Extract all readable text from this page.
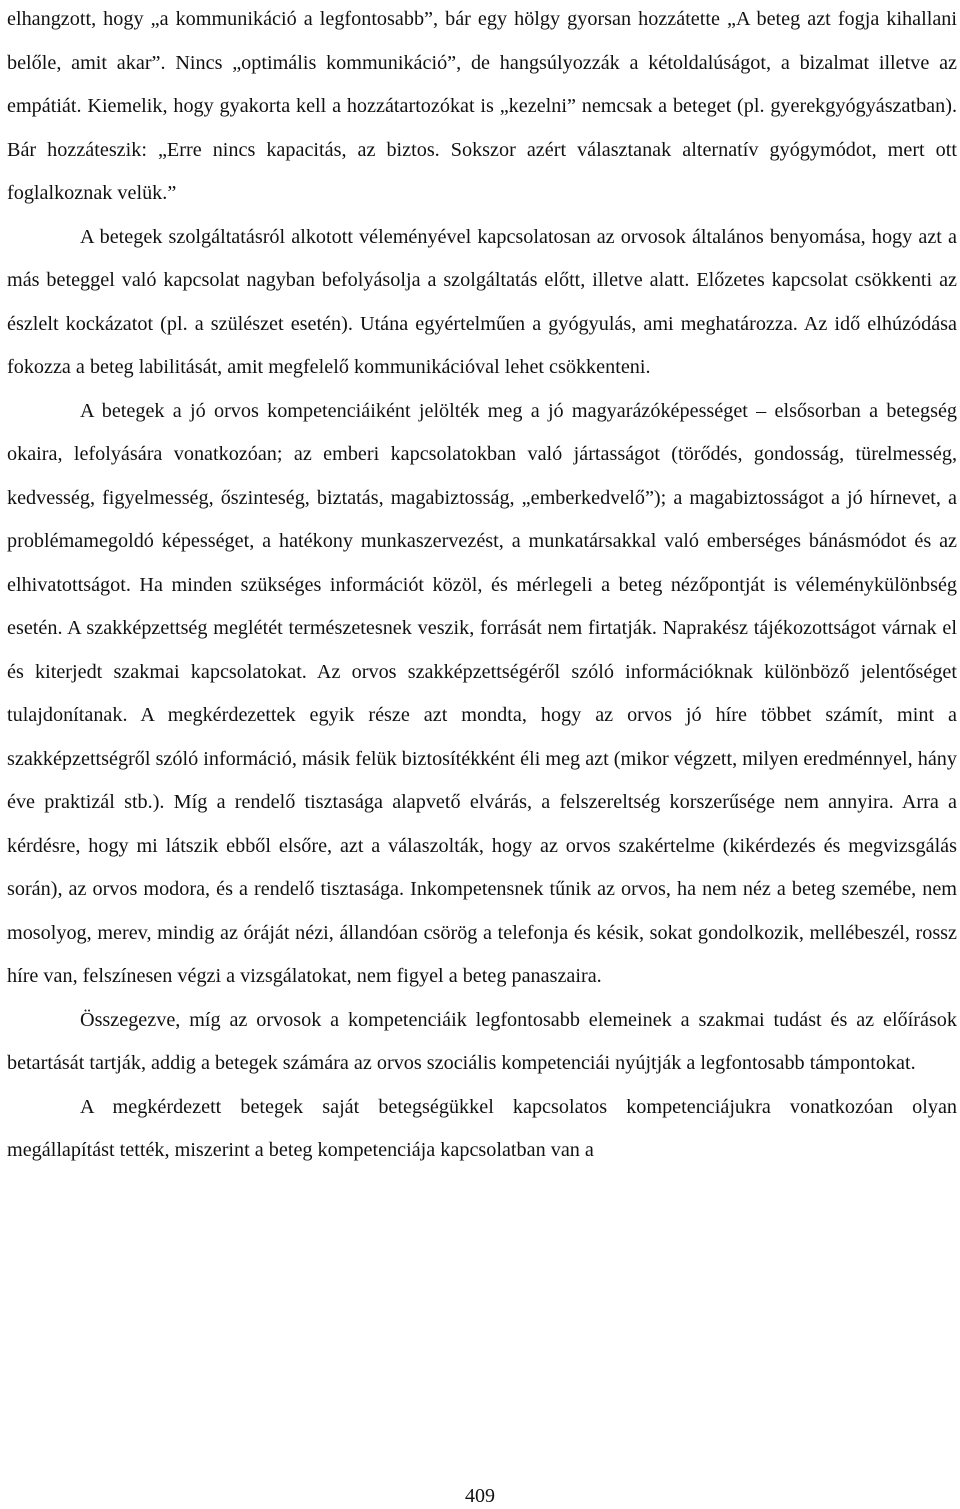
elhangzott, hogy „a kommunikáció a legfontosabb”, bár egy hölgy gyorsan hozzátette „A beteg azt fogja kihallani belőle, amit akar”. Nincs „optimális kommunikáció”, de hangsúlyozzák a kétoldalúságot, a bizalmat illetve az empátiát. Kiemelik, hogy gyakorta kell a hozzátartozókat is „kezelni” nemcsak a beteget (pl. gyerekgyógyászatban). Bár hozzáteszik: „Erre nincs kapacitás, az biztos. Sokszor azért választanak alternatív gyógymódot, mert ott foglalkoznak velük.”

A betegek szolgáltatásról alkotott véleményével kapcsolatosan az orvosok általános benyomása, hogy azt a más beteggel való kapcsolat nagyban befolyásolja a szolgáltatás előtt, illetve alatt. Előzetes kapcsolat csökkenti az észlelt kockázatot (pl. a szülészet esetén). Utána egyértelműen a gyógyulás, ami meghatározza. Az idő elhúzódása fokozza a beteg labilitását, amit megfelelő kommunikációval lehet csökkenteni.

A betegek a jó orvos kompetenciáiként jelölték meg a jó magyarázóképességet – elsősorban a betegség okaira, lefolyására vonatkozóan; az emberi kapcsolatokban való jártasságot (törődés, gondosság, türelmesség, kedvesség, figyelmesség, őszinteség, biztatás, magabiztosság, „emberkedvelő”); a magabiztosságot a jó hírnevet, a problémamegoldó képességet, a hatékony munkaszervezést, a munkatársakkal való emberséges bánásmódot és az elhivatottságot. Ha minden szükséges információt közöl, és mérlegeli a beteg nézőpontját is véleménykülönbség esetén. A szakképzettség meglétét természetesnek veszik, forrását nem firtatják. Naprakész tájékozottságot várnak el és kiterjedt szakmai kapcsolatokat. Az orvos szakképzettségéről szóló információknak különböző jelentőséget tulajdonítanak. A megkérdezettek egyik része azt mondta, hogy az orvos jó híre többet számít, mint a szakképzettségről szóló információ, másik felük biztosítékként éli meg azt (mikor végzett, milyen eredménnyel, hány éve praktizál stb.). Míg a rendelő tisztasága alapvető elvárás, a felszereltség korszerűsége nem annyira. Arra a kérdésre, hogy mi látszik ebből elsőre, azt a válaszolták, hogy az orvos szakértelme (kikérdezés és megvizsgálás során), az orvos modora, és a rendelő tisztasága. Inkompetensnek tűnik az orvos, ha nem néz a beteg szemébe, nem mosolyog, merev, mindig az óráját nézi, állandóan csörög a telefonja és késik, sokat gondolkozik, mellébeszél, rossz híre van, felszínesen végzi a vizsgálatokat, nem figyel a beteg panaszaira.

Összegezve, míg az orvosok a kompetenciáik legfontosabb elemeinek a szakmai tudást és az előírások betartását tartják, addig a betegek számára az orvos szociális kompetenciái nyújtják a legfontosabb támpontokat.

A megkérdezett betegek saját betegségükkel kapcsolatos kompetenciájukra vonatkozóan olyan megállapítást tették, miszerint a beteg kompetenciája kapcsolatban van a

409
